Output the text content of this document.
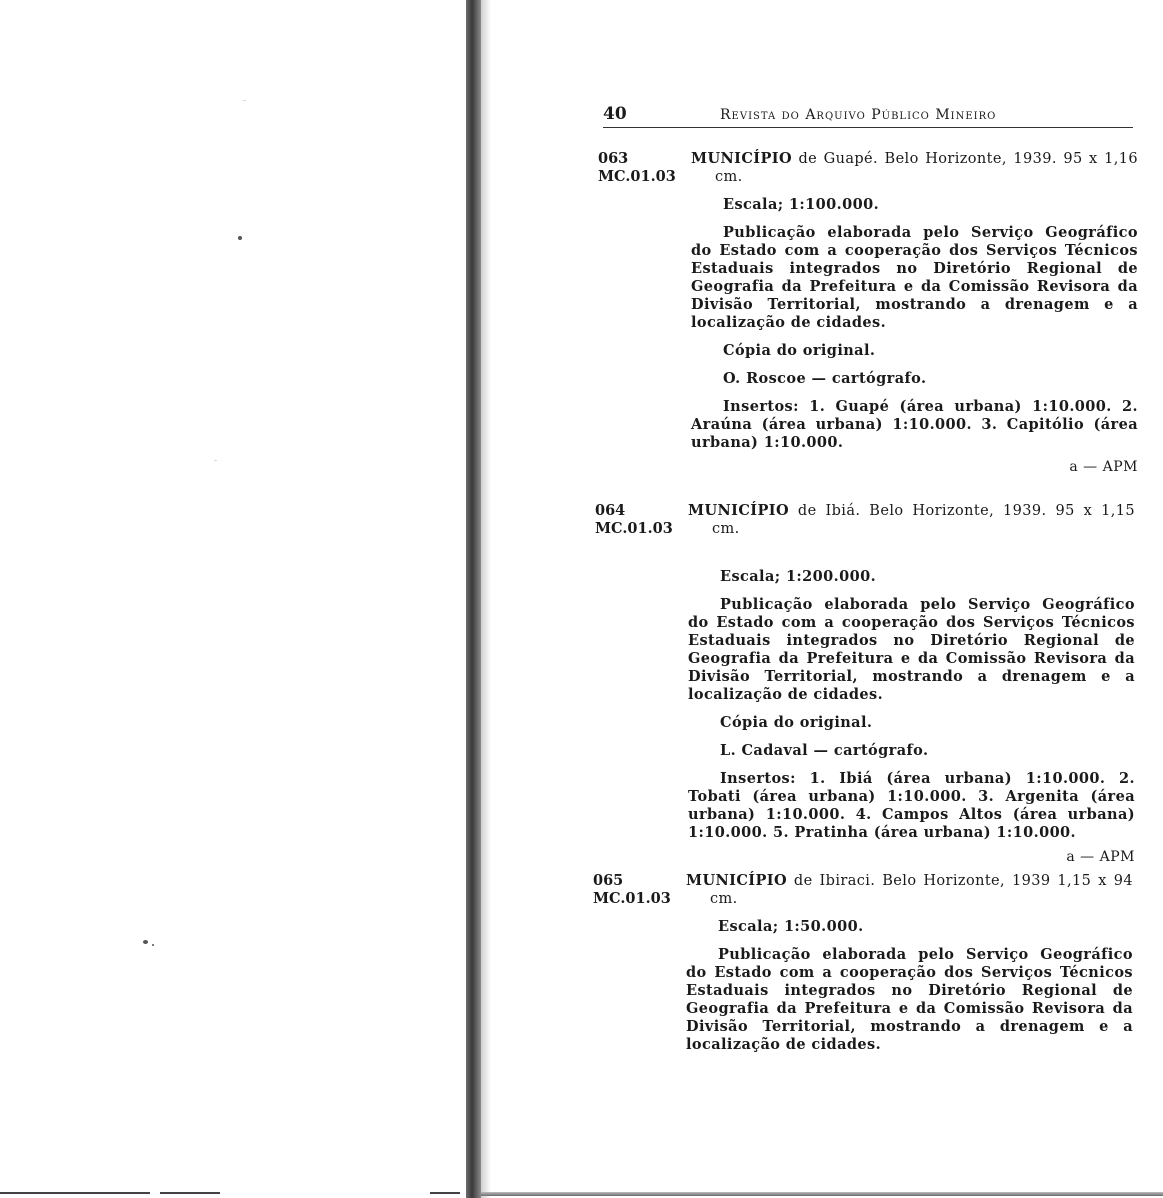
40	Revista do Arquivo Público Mineiro
063
MC.01.03

MUNICÍPIO de Guapé. Belo Horizonte, 1939. 95 x 1,16 cm.

Escala; 1:100.000.

Publicação elaborada pelo Serviço Geográfico do Estado com a cooperação dos Serviços Técnicos Estaduais integrados no Diretório Regional de Geografia da Prefeitura e da Comissão Revisora da Divisão Territorial, mostrando a drenagem e a localização de cidades.

Cópia do original.

O. Roscoe — cartógrafo.

Insertos: 1. Guapé (área urbana) 1:10.000. 2. Araúna (área urbana) 1:10.000. 3. Capitólio (área urbana) 1:10.000.

a — APM

064
MC.01.03

MUNICÍPIO de Ibiá. Belo Horizonte, 1939. 95 x 1,15 cm.

Escala; 1:200.000.

Publicação elaborada pelo Serviço Geográfico do Estado com a cooperação dos Serviços Técnicos Estaduais integrados no Diretório Regional de Geografia da Prefeitura e da Comissão Revisora da Divisão Territorial, mostrando a drenagem e a localização de cidades.

Cópia do original.

L. Cadaval — cartógrafo.

Insertos: 1. Ibiá (área urbana) 1:10.000. 2. Tobati (área urbana) 1:10.000. 3. Argenita (área urbana) 1:10.000. 4. Campos Altos (área urbana) 1:10.000. 5. Pratinha (área urbana) 1:10.000.

a — APM

065
MC.01.03

MUNICÍPIO de Ibiraci. Belo Horizonte, 1939 1,15 x 94 cm.

Escala; 1:50.000.

Publicação elaborada pelo Serviço Geográfico do Estado com a cooperação dos Serviços Técnicos Estaduais integrados no Diretório Regional de Geografia da Prefeitura e da Comissão Revisora da Divisão Territorial, mostrando a drenagem e a localização de cidades.
